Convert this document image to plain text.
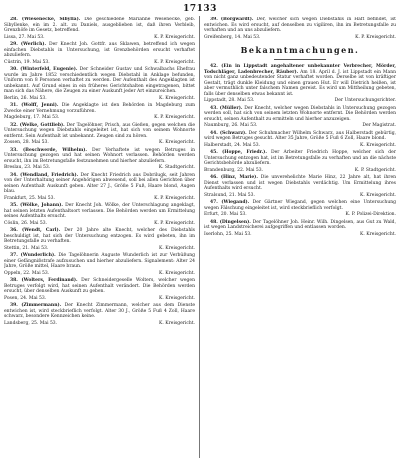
17133

28. (Wiesenecke, Sibylla). Die geschiedene Marianne Wesenecke, geb. Sibyllenke, ein im 2. alt. zu Daniels, ausgeblieben ist, daß ihren Verbleib, Grenzhöfe im Gesetz, betreffend.

Lissa, 27. Mai 53.	K. P. Kreisgericht.

29. (Werlich). Der Knecht Joh. Gottfr. aus Sklawen, betreffend ich wegen einfachen Diebstahls in Untersuchung, ist Grenzbehörden ersucht verhaftet abzuliefern.

Cüstrin, 19. Mai 53.	K. P. Kreisgericht.

30. (Winterfeld, Eugenie). Der Schneider Gustav und Schwalbachs Ehefrau wurde im Jahre 1852 verschiedentlich wegen Diebstahl in Anklage befunden, Uniform von 8 Personen verhaftet zu werden. Der Aufenthalt des Angeklagten ist unbekannt. Auf Grund eines in ein früheres Gerichtshalten eingetragenen, bittet man sich das Nähere, die Zeugen zu einer Auskunft jeder Art einzureichen.

Berlin, 26. Mai 53.	K. Kreisgericht.

31. (Wolff, Jenni). Die Angeklagte ist den Behörden in Magdeburg zum Zwecke einer Vernehmung vorzuführen.

Magdeburg, 17. Mai 53.	K. P. Kreisgericht.

32. (Welke, Gottlieb). Der Tagelöhner, Prisch, aus Gießen, gegen welchen die Untersuchung wegen Diebstahls eingeleitet ist, hat sich von seinem Wohnorte entfernt. Sein Aufenthalt ist unbekannt. Zeugen sind zu hören.

Zossen, 28. Mai 53.	K. Kreisgericht.

33. (Beschwerde, Wilhelm). Der Verhaftete ist wegen Betruges in Untersuchung gezogen und hat seinen Wohnort verlassen. Behörden werden ersucht, ihn im Betretungsfalle festzunehmen und hierher abzuliefern.

Breslau, 23. Mai 53.	K. Stadtgericht.

34. (Wendland, Friedrich). Der Knecht Friedrich aus Dobrilugk, seit Jahren von der Unterhaltung seiner Angehörigen abwesend, soll bei allen Gerichten über seinen Aufenthalt Auskunft geben. Alter 27 J., Größe 5 Fuß, Haare blond, Augen blau.

Frankfurt, 25. Mai 53.	K. P. Kreisgericht.

35. (Wölke, Johann). Der Knecht Joh. Wölke, der Unterschlagung angeklagt, hat seinen letzten Aufenthaltsort verlassen. Die Behörden werden um Ermittelung seines Aufenthalts ersucht.

Cöslin, 26. Mai 53.	K. P. Kreisgericht.

36. (Wendt, Carl). Der 20 Jahre alte Knecht, welcher des Diebstahls beschuldigt ist, hat sich der Untersuchung entzogen. Es wird gebeten, ihn im Betretungsfalle zu verhaften.

Stettin, 21. Mai 53.	K. Kreisgericht.

37. (Wunderlich). Die Tagelöhnerin Auguste Wunderlich ist zur Verbüßung einer Gefängnißstrafe aufzusuchen und hierher abzuliefern. Signalement: Alter 24 Jahre, Größe mittel, Haare braun.

Oppeln, 22. Mai 53.	K. Kreisgericht.

38. (Wolters, Ferdinand). Der Schneidergeselle Wolters, welcher wegen Betruges verfolgt wird, hat seinen Aufenthalt verändert. Die Behörden werden ersucht, über denselben Auskunft zu geben.

Posen, 24. Mai 53.	K. Kreisgericht.

39. (Zimmermann). Der Knecht Zimmermann, welcher aus dem Dienste entwichen ist, wird steckbrieflich verfolgt. Alter 30 J., Größe 5 Fuß 4 Zoll, Haare schwarz, besondere Kennzeichen keine.

Landsberg, 25. Mai 53.	K. Kreisgericht.

39. (Borgwardt). Der, welcher sich wegen Diebstahls in Haft befindet, ist entwichen. Es wird ersucht, auf denselben zu vigiliren, ihn im Betretungsfalle zu verhaften und an uns abzuliefern.

Greifenberg, 14. Mai 53.	K. P. Kreisgericht.
Bekanntmachungen.

42. (Ein in Lippstadt angehaltener unbekannter Verbrecher, Mörder, Todschläger, Ladenbrecher, Räuber). Am 18. April d. J. ist Lippstadt ein Mann von nicht ganz unbedeutender Statur verhaftet worden. Derselbe ist von kräftiger Gestalt, trägt dunkle Kleidung und einen grauen Hut. Er will Dietrich heißen, ist aber vermuthlich unter falschem Namen gereist. Es wird um Mittheilung gebeten, falls über denselben etwas bekannt ist.

Lippstadt, 28. Mai 53.	Der Untersuchungsrichter.

43. (Müller). Der Knecht, welcher wegen Diebstahls in Untersuchung gezogen werden soll, hat sich von seinem letzten Wohnorte entfernt. Die Behörden werden ersucht, seinen Aufenthalt zu ermitteln und hierher anzuzeigen.

Naumburg, 26. Mai 53.	Der Magistrat.

44. (Schwarz). Der Schuhmacher Wilhelm Schwarz, aus Halberstadt gebürtig, wird wegen Betruges gesucht. Alter 35 Jahre, Größe 5 Fuß 6 Zoll, Haare blond.

Halberstadt, 24. Mai 53.	K. Kreisgericht.

45. (Hoppe, Friedr.). Der Arbeiter Friedrich Hoppe, welcher sich der Untersuchung entzogen hat, ist im Betretungsfalle zu verhaften und an die nächste Gerichtsbehörde abzuliefern.

Brandenburg, 22. Mai 53.	K. P. Stadtgericht.

46. (Hinz, Marie). Die unverehelichte Marie Hinz, 22 Jahre alt, hat ihren Dienst verlassen und ist wegen Diebstahls verdächtig. Um Ermittelung ihres Aufenthalts wird ersucht.

Stralsund, 21. Mai 53.	K. Kreisgericht.

47. (Wiegand). Der Gärtner Wiegand, gegen welchen eine Untersuchung wegen Fälschung eingeleitet ist, wird steckbrieflich verfolgt.

Erfurt, 20. Mai 53.	K. P. Polizei-Direktion.

48. (Dingelsen). Der Tagelöhner Joh. Heinr. Wilh. Dingelsen, aus Gut zu Wald, ist wegen Landstreicherei aufgegriffen und entlassen worden.

Iserlohn, 25. Mai 53.	K. Kreisgericht.
